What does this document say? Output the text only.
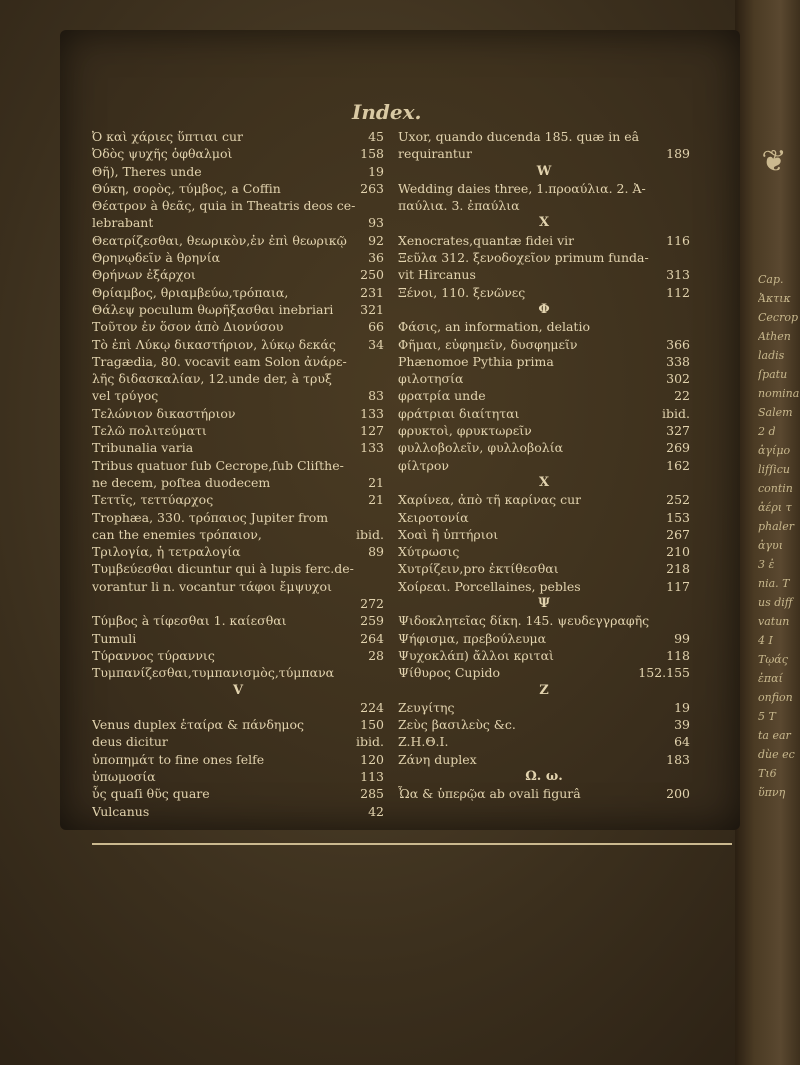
Index.
Ὀ καὶ χάριες ὕπτιαι cur	45
Ὀδὸς ψυχῆς ὁφθαλμοὶ	158
Θῆ), Theres unde	19
Θύκη, σορὸς, τύμβος, a Coffin	263
Θέατρον à θεᾶς, quia in Theatris deos ce-
lebrabant	93
Θεατρίζεσθαι, θεωρικὸν,ἐν ἐπὶ θεωρικῷ 92
Θρηνῳδεῖν à θρηνία	36
Θρήνων ἐξάρχοι	250
Θρίαμβος, θριαμβεύω,τρόπαια,	231
Θάλεψ poculum θωρῆξασθαι inebriari 321
Τοῦτον ἐν ὅσον ἀπὸ Διονύσου	66
Τὸ ἐπὶ Λύκῳ δικαστήριον, λύκῳ δεκάς	34
Tragædia, 80. vocavit eam Solon ἀνάρε-
λῆς διδασκαλίαν, 12.unde der, à τρυξ
vel τρύγος	83
Τελώνιον δικαστήριον	133
Τελῶ πολιτεύματι	127
Tribunalia varia	133
Tribus quatuor ſub Cecrope,ſub Cliſthe-
ne decem, poſtea duodecem	21
Τεττῖς, τεττύαρχος	21
Trophæa, 330. τρόπαιος Jupiter from
can the enemies τρόπαιον,	ibid.
Τριλογία, ἡ τετραλογία	89
Τυμβεύεσθαι dicuntur qui à lupis ferc.de-
vorantur li n. vocantur τάφοι ἔμψυχοι
272
Τύμβος à τίφεσθαι 1. καίεσθαι	259
Tumuli	264
Τύραννος τύραννις	28
Τυμπανίζεσθαι,τυμπανισμὸς,τύμπανα
V
224
Venus duplex ἑταίρα & πάνδημος	150
deus dicitur	ibid.
ὑποπημάτ to fine ones ſelfe	120
ὑπωμοσία	113
ὗς quaſi θῦς quare	285
Vulcanus	42
Uxor, quando ducenda 185. quæ in eâ
requirantur	189
W
Wedding daies three, 1.προαύλια. 2. Ἀ-
παύλια. 3. ἐπαύλια
X
Xenocrates,quantæ fidei vir	116
Ξεῦλα 312. ξενοδοχεῖον primum funda-
vit Hircanus	313
Ξένοι, 110. ξενῶνες	112
Φ
Φάσις, an information, delatio
Φῆμαι, εὐφημεῖν, δυσφημεῖν	366
Phænomoe Pythia prima	338
φιλοτησία	302
φρατρία unde	22
φράτριαι διαίτηται	ibid.
φρυκτοὶ, φρυκτωρεῖν	327
φυλλοβολεῖν, φυλλοβολία	269
φίλτρον	162
X
Χαρίνεα, ἀπὸ τῆ καρίνας cur	252
Χειροτονία	153
Χοαὶ ἢ ὑπτήριοι	267
Χύτρωσις	210
Χυτρίζειν,pro ἐκτίθεσθαι	218
Χοίρεαι. Porcellaines, pebles	117
Ψ
Ψιδοκλητεῖας δίκη. 145. ψευδεγγραφῆς
Ψήφισμα, πρεβούλευμα	99
Ψυχοκλάπ) ἄλλοι κριταὶ	118
Ψίθυρος Cupido	152.155
Z
Ζευγίτης	19
Ζεὺς βασιλεὺς &c.	39
Z.H.Θ.I.	64
Ζάνη duplex	183
Ω. ω.
Ὦα & ὑπερῷα ab ovali figurâ	200
❦
Cap.
Ἀκτικ
Cecrop
Athen
ladis
ſpatu
nomina
Salem
2 d
ἀγίμο
lifſicu
contin
ἀέρι τ
phaler
ἀγυι
3 ἐ
nia. T
us diff
vatun
4 I
Τῳάς
ἐπαί
onfion
5 T
ta ear
dùe ec
Τι6
ὕπνη
